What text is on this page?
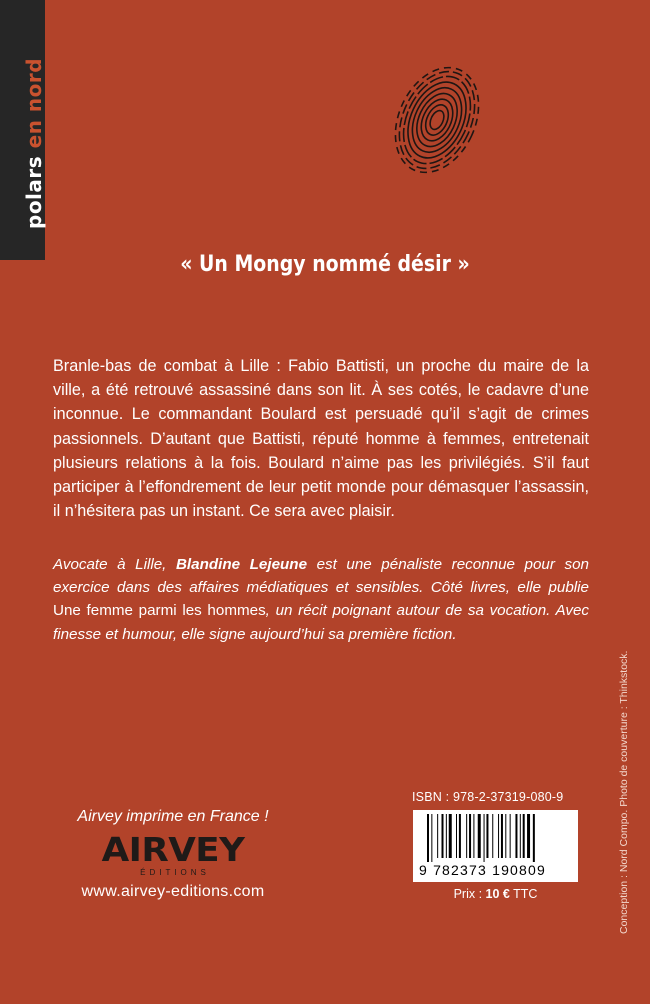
polars en nord
« Un Mongy nommé désir »
Branle-bas de combat à Lille : Fabio Battisti, un proche du maire de la ville, a été retrouvé assassiné dans son lit. À ses cotés, le cadavre d’une inconnue. Le commandant Boulard est persuadé qu’il s’agit de crimes passionnels. D’autant que Battisti, réputé homme à femmes, entretenait plusieurs relations à la fois. Boulard n’aime pas les privilégiés. S’il faut participer à l’effondrement de leur petit monde pour démasquer l’assassin, il n’hésitera pas un instant. Ce sera avec plaisir.
Avocate à Lille, Blandine Lejeune est une pénaliste reconnue pour son exercice dans des affaires médiatiques et sensibles. Côté livres, elle publie Une femme parmi les hommes, un récit poignant autour de sa vocation. Avec finesse et humour, elle signe aujourd’hui sa première fiction.
Airvey imprime en France !
AIRVEY
ÉDITIONS
www.airvey-editions.com
ISBN : 978-2-37319-080-9
9 782373 190809
Prix : 10 € TTC	Conception : Nord Compo. Photo de couverture : Thinkstock.
